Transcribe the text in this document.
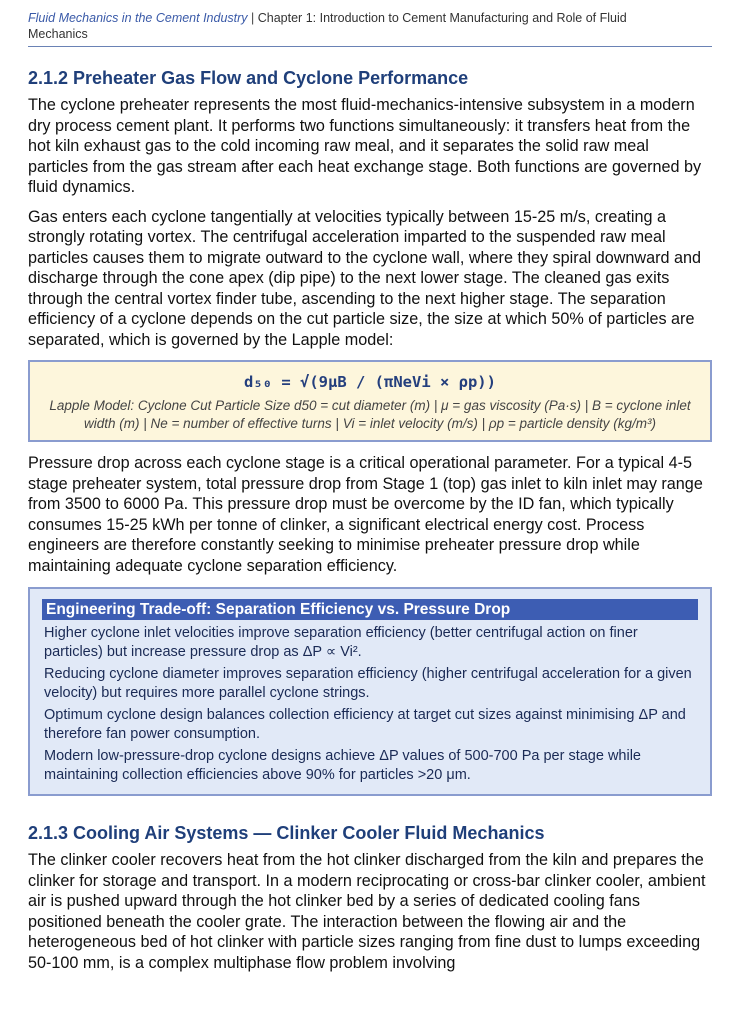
Fluid Mechanics in the Cement Industry | Chapter 1: Introduction to Cement Manufacturing and Role of Fluid
Mechanics
2.1.2 Preheater Gas Flow and Cyclone Performance

The cyclone preheater represents the most fluid-mechanics-intensive subsystem in a modern dry process cement plant. It performs two functions simultaneously: it transfers heat from the hot kiln exhaust gas to the cold incoming raw meal, and it separates the solid raw meal particles from the gas stream after each heat exchange stage. Both functions are governed by fluid dynamics.

Gas enters each cyclone tangentially at velocities typically between 15-25 m/s, creating a strongly rotating vortex. The centrifugal acceleration imparted to the suspended raw meal particles causes them to migrate outward to the cyclone wall, where they spiral downward and discharge through the cone apex (dip pipe) to the next lower stage. The cleaned gas exits through the central vortex finder tube, ascending to the next higher stage. The separation efficiency of a cyclone depends on the cut particle size, the size at which 50% of particles are separated, which is governed by the Lapple model:

d₅₀ = √(9μB / (πNeVi × ρp))
Lapple Model: Cyclone Cut Particle Size d50 = cut diameter (m) | μ = gas viscosity (Pa·s) | B = cyclone inlet width (m) | Ne = number of effective turns | Vi = inlet velocity (m/s) | ρp = particle density (kg/m³)

Pressure drop across each cyclone stage is a critical operational parameter. For a typical 4-5 stage preheater system, total pressure drop from Stage 1 (top) gas inlet to kiln inlet may range from 3500 to 6000 Pa. This pressure drop must be overcome by the ID fan, which typically consumes 15-25 kWh per tonne of clinker, a significant electrical energy cost. Process engineers are therefore constantly seeking to minimise preheater pressure drop while maintaining adequate cyclone separation efficiency.

Engineering Trade-off: Separation Efficiency vs. Pressure Drop
Higher cyclone inlet velocities improve separation efficiency (better centrifugal action on finer particles) but increase pressure drop as ΔP ∝ Vi².
Reducing cyclone diameter improves separation efficiency (higher centrifugal acceleration for a given velocity) but requires more parallel cyclone strings.
Optimum cyclone design balances collection efficiency at target cut sizes against minimising ΔP and therefore fan power consumption.
Modern low-pressure-drop cyclone designs achieve ΔP values of 500-700 Pa per stage while maintaining collection efficiencies above 90% for particles >20 μm.
2.1.3 Cooling Air Systems — Clinker Cooler Fluid Mechanics

The clinker cooler recovers heat from the hot clinker discharged from the kiln and prepares the clinker for storage and transport. In a modern reciprocating or cross-bar clinker cooler, ambient air is pushed upward through the hot clinker bed by a series of dedicated cooling fans positioned beneath the cooler grate. The interaction between the flowing air and the heterogeneous bed of hot clinker with particle sizes ranging from fine dust to lumps exceeding 50-100 mm, is a complex multiphase flow problem involving
